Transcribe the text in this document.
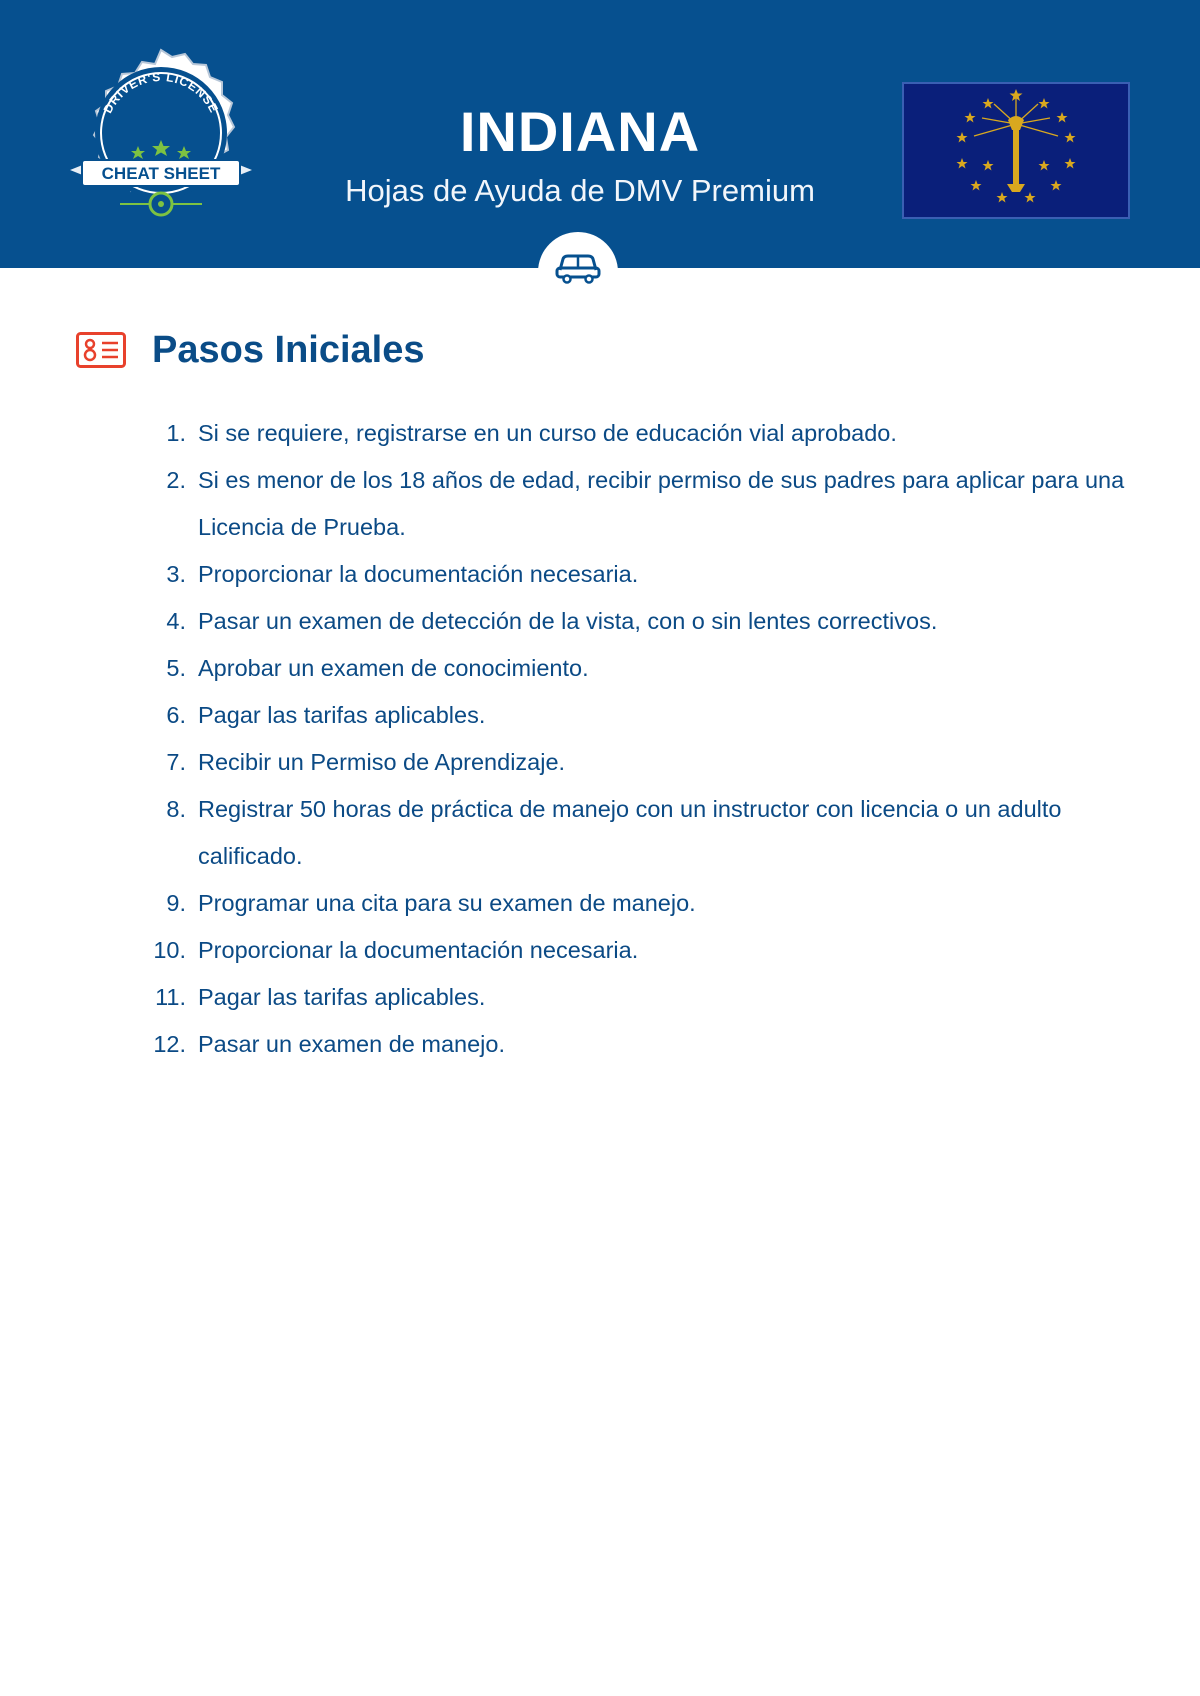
DRIVER'S LICENSE
CHEAT SHEET
INDIANA
Hojas de Ayuda de DMV Premium
Pasos Iniciales
1. Si se requiere, registrarse en un curso de educación vial aprobado.
2. Si es menor de los 18 años de edad, recibir permiso de sus padres para aplicar para una Licencia de Prueba.
3. Proporcionar la documentación necesaria.
4. Pasar un examen de detección de la vista, con o sin lentes correctivos.
5. Aprobar un examen de conocimiento.
6. Pagar las tarifas aplicables.
7. Recibir un Permiso de Aprendizaje.
8. Registrar 50 horas de práctica de manejo con un instructor con licencia o un adulto calificado.
9. Programar una cita para su examen de manejo.
10. Proporcionar la documentación necesaria.
11. Pagar las tarifas aplicables.
12. Pasar un examen de manejo.
